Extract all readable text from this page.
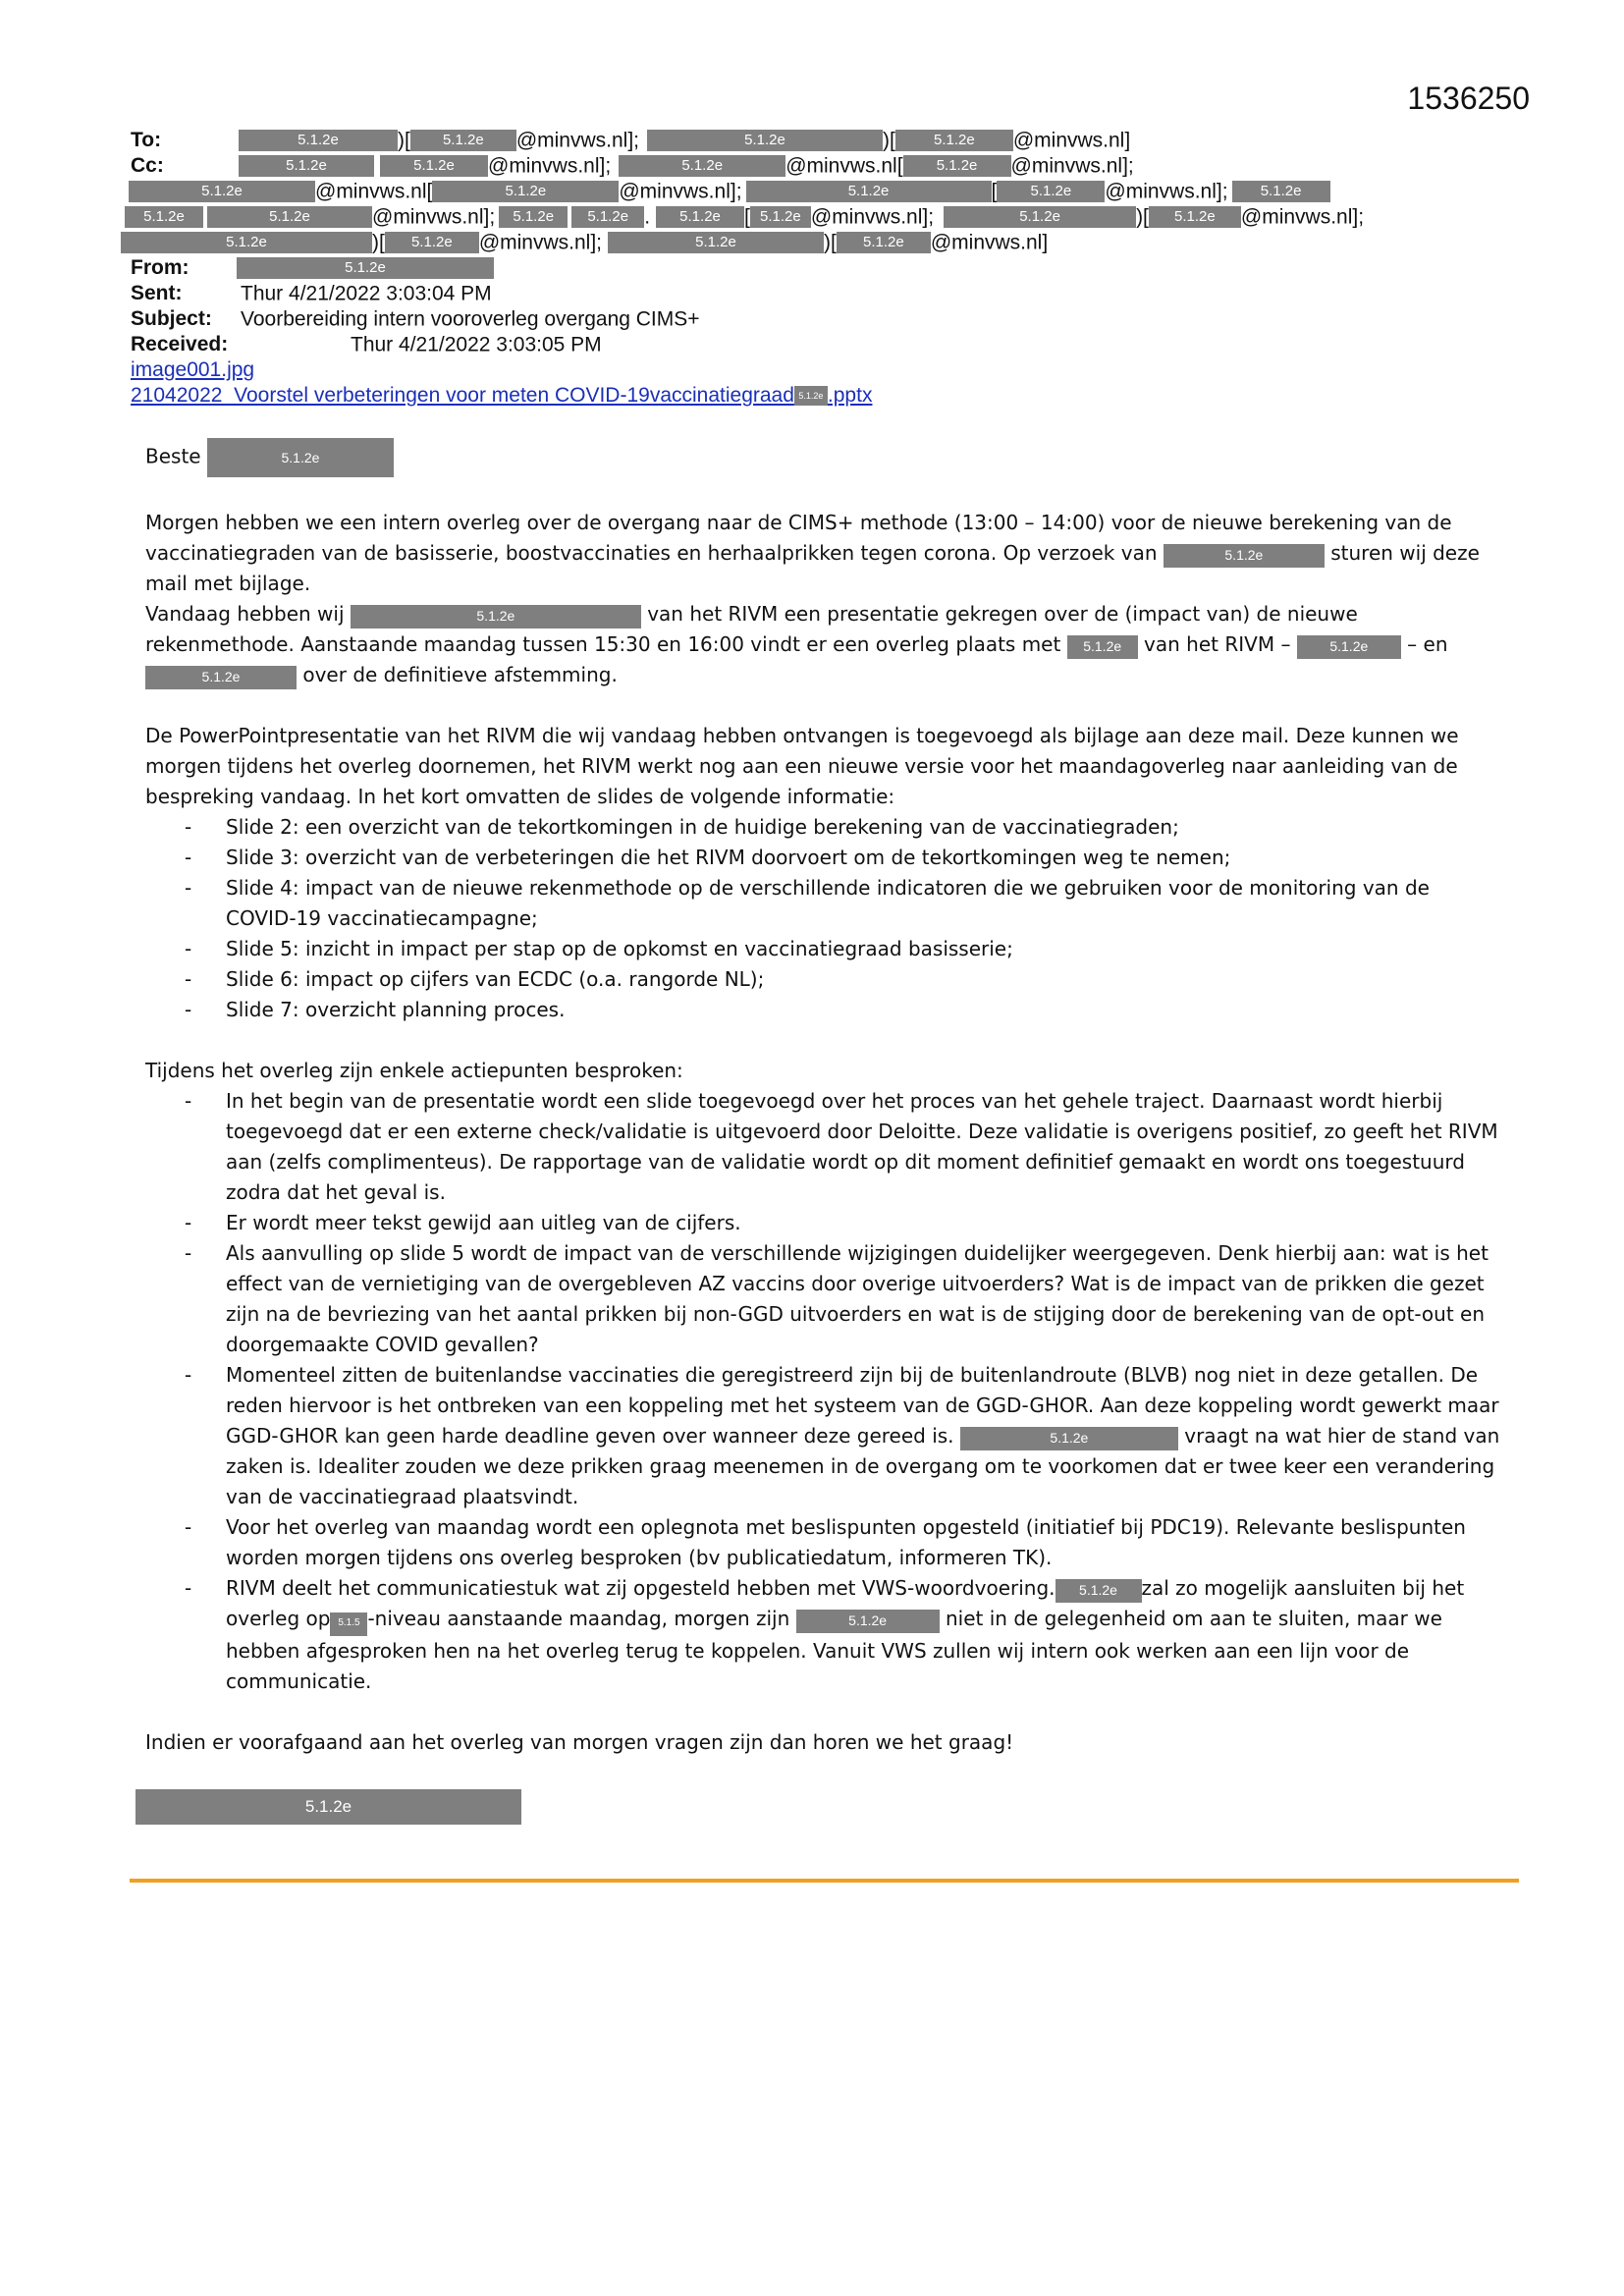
1536250
To:	5.1.2e	)[ 5.1.2e @minvws.nl];	5.1.2e	)[	5.1.2e @minvws.nl]
Cc:	5.1.2e	5.1.2e @minvws.nl];	5.1.2e	@minvws.nl[ 5.1.2e @minvws.nl];
5.1.2e	@minvws.nl[	5.1.2e	@minvws.nl];	5.1.2e	[ 5.1.2e @minvws.nl]; 5.1.2e
5.1.2e	5.1.2e	@minvws.nl]; 5.1.2e 5.1.2e . 5.1.2e [ 5.1.2e @minvws.nl];	5.1.2e	)[ 5.1.2e @minvws.nl];
5.1.2e	)[ 5.1.2e @minvws.nl];	5.1.2e	)[ 5.1.2e @minvws.nl]
From:	5.1.2e
Sent:	Thur 4/21/2022 3:03:04 PM
Subject: Voorbereiding intern vooroverleg overgang CIMS+
Received:	Thur 4/21/2022 3:03:05 PM
image001.jpg
21042022_Voorstel verbeteringen voor meten COVID-19vaccinatiegraad 5.1.2e .pptx

Beste	5.1.2e

Morgen hebben we een intern overleg over de overgang naar de CIMS+ methode (13:00 – 14:00) voor de nieuwe berekening van de vaccinatiegraden van de basisserie, boostvaccinaties en herhaalprikken tegen corona. Op verzoek van	5.1.2e	sturen wij deze mail met bijlage.

Vandaag hebben wij	5.1.2e	van het RIVM een presentatie gekregen over de (impact van) de nieuwe rekenmethode. Aanstaande maandag tussen 15:30 en 16:00 vindt er een overleg plaats met 5.1.2e van het RIVM –	5.1.2e – en 5.1.2e	over de definitieve afstemming.

De PowerPointpresentatie van het RIVM die wij vandaag hebben ontvangen is toegevoegd als bijlage aan deze mail. Deze kunnen we morgen tijdens het overleg doornemen, het RIVM werkt nog aan een nieuwe versie voor het maandagoverleg naar aanleiding van de bespreking vandaag. In het kort omvatten de slides de volgende informatie:

- Slide 2: een overzicht van de tekortkomingen in de huidige berekening van de vaccinatiegraden;
- Slide 3: overzicht van de verbeteringen die het RIVM doorvoert om de tekortkomingen weg te nemen;
- Slide 4: impact van de nieuwe rekenmethode op de verschillende indicatoren die we gebruiken voor de monitoring van de COVID-19 vaccinatiecampagne;
- Slide 5: inzicht in impact per stap op de opkomst en vaccinatiegraad basisserie;
- Slide 6: impact op cijfers van ECDC (o.a. rangorde NL);
- Slide 7: overzicht planning proces.

Tijdens het overleg zijn enkele actiepunten besproken:

- In het begin van de presentatie wordt een slide toegevoegd over het proces van het gehele traject. Daarnaast wordt hierbij toegevoegd dat er een externe check/validatie is uitgevoerd door Deloitte. Deze validatie is overigens positief, zo geeft het RIVM aan (zelfs complimenteus). De rapportage van de validatie wordt op dit moment definitief gemaakt en wordt ons toegestuurd zodra dat het geval is.
- Er wordt meer tekst gewijd aan uitleg van de cijfers.
- Als aanvulling op slide 5 wordt de impact van de verschillende wijzigingen duidelijker weergegeven. Denk hierbij aan: wat is het effect van de vernietiging van de overgebleven AZ vaccins door overige uitvoerders? Wat is de impact van de prikken die gezet zijn na de bevriezing van het aantal prikken bij non-GGD uitvoerders en wat is de stijging door de berekening van de opt-out en doorgemaakte COVID gevallen?
- Momenteel zitten de buitenlandse vaccinaties die geregistreerd zijn bij de buitenlandroute (BLVB) nog niet in deze getallen. De reden hiervoor is het ontbreken van een koppeling met het systeem van de GGD-GHOR. Aan deze koppeling wordt gewerkt maar GGD-GHOR kan geen harde deadline geven over wanneer deze gereed is.	5.1.2e	vraagt na wat hier de stand van zaken is. Idealiter zouden we deze prikken graag meenemen in de overgang om te voorkomen dat er twee keer een verandering van de vaccinatiegraad plaatsvindt.
- Voor het overleg van maandag wordt een oplegnota met beslispunten opgesteld (initiatief bij PDC19). Relevante beslispunten worden morgen tijdens ons overleg besproken (bv publicatiedatum, informeren TK).
- RIVM deelt het communicatiestuk wat zij opgesteld hebben met VWS-woordvoering. 5.1.2e zal zo mogelijk aansluiten bij het overleg op 5.1.5 -niveau aanstaande maandag, morgen zijn	5.1.2e	niet in de gelegenheid om aan te sluiten, maar we hebben afgesproken hen na het overleg terug te koppelen. Vanuit VWS zullen wij intern ook werken aan een lijn voor de communicatie.

Indien er voorafgaand aan het overleg van morgen vragen zijn dan horen we het graag!

5.1.2e
